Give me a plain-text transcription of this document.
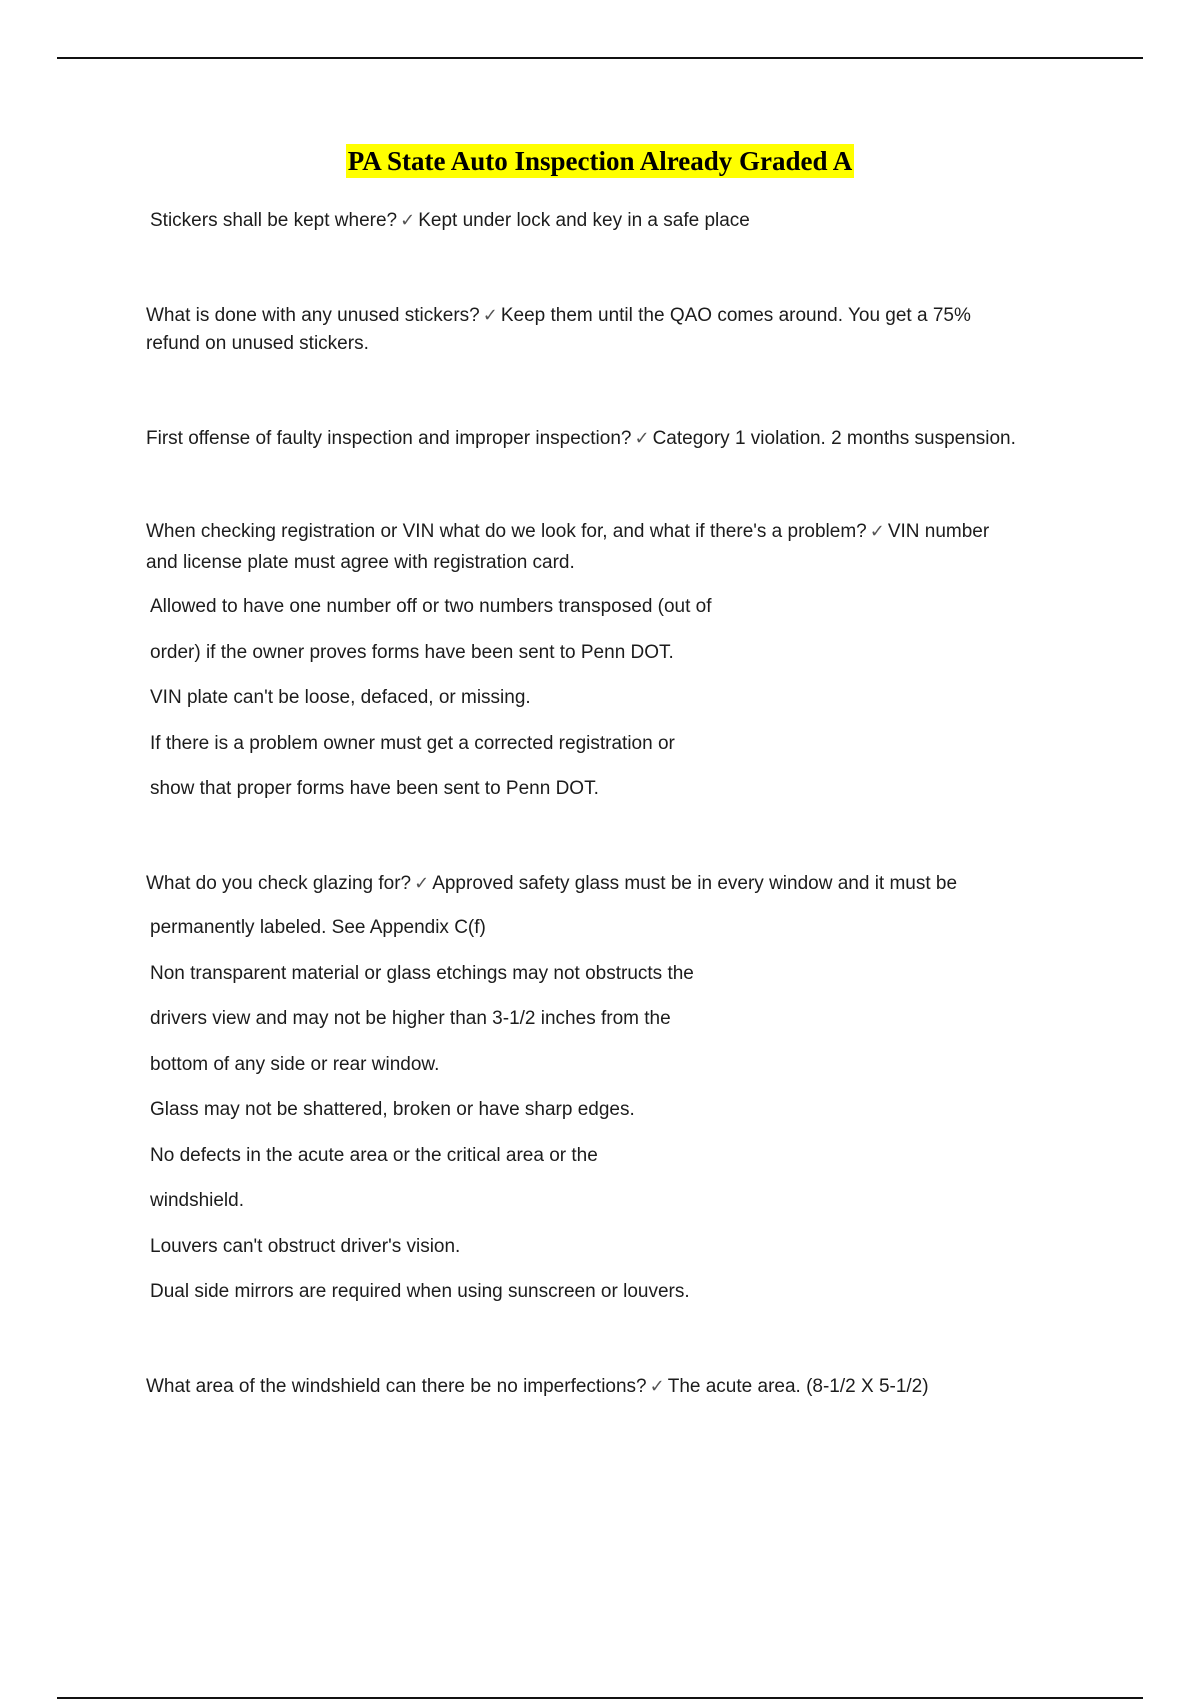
PA State Auto Inspection Already Graded A
Stickers shall be kept where? ✓ Kept under lock and key in a safe place
What is done with any unused stickers? ✓ Keep them until the QAO comes around. You get a 75%
refund on unused stickers.
First offense of faulty inspection and improper inspection? ✓ Category 1 violation. 2 months suspension.
When checking registration or VIN what do we look for, and what if there's a problem? ✓ VIN number
and license plate must agree with registration card.
Allowed to have one number off or two numbers transposed (out of
order) if the owner proves forms have been sent to Penn DOT.
VIN plate can't be loose, defaced, or missing.
If there is a problem owner must get a corrected registration or
show that proper forms have been sent to Penn DOT.
What do you check glazing for? ✓ Approved safety glass must be in every window and it must be
permanently labeled. See Appendix C(f)
Non transparent material or glass etchings may not obstructs the
drivers view and may not be higher than 3-1/2 inches from the
bottom of any side or rear window.
Glass may not be shattered, broken or have sharp edges.
No defects in the acute area or the critical area or the
windshield.
Louvers can't obstruct driver's vision.
Dual side mirrors are required when using sunscreen or louvers.
What area of the windshield can there be no imperfections? ✓ The acute area. (8-1/2 X 5-1/2)
